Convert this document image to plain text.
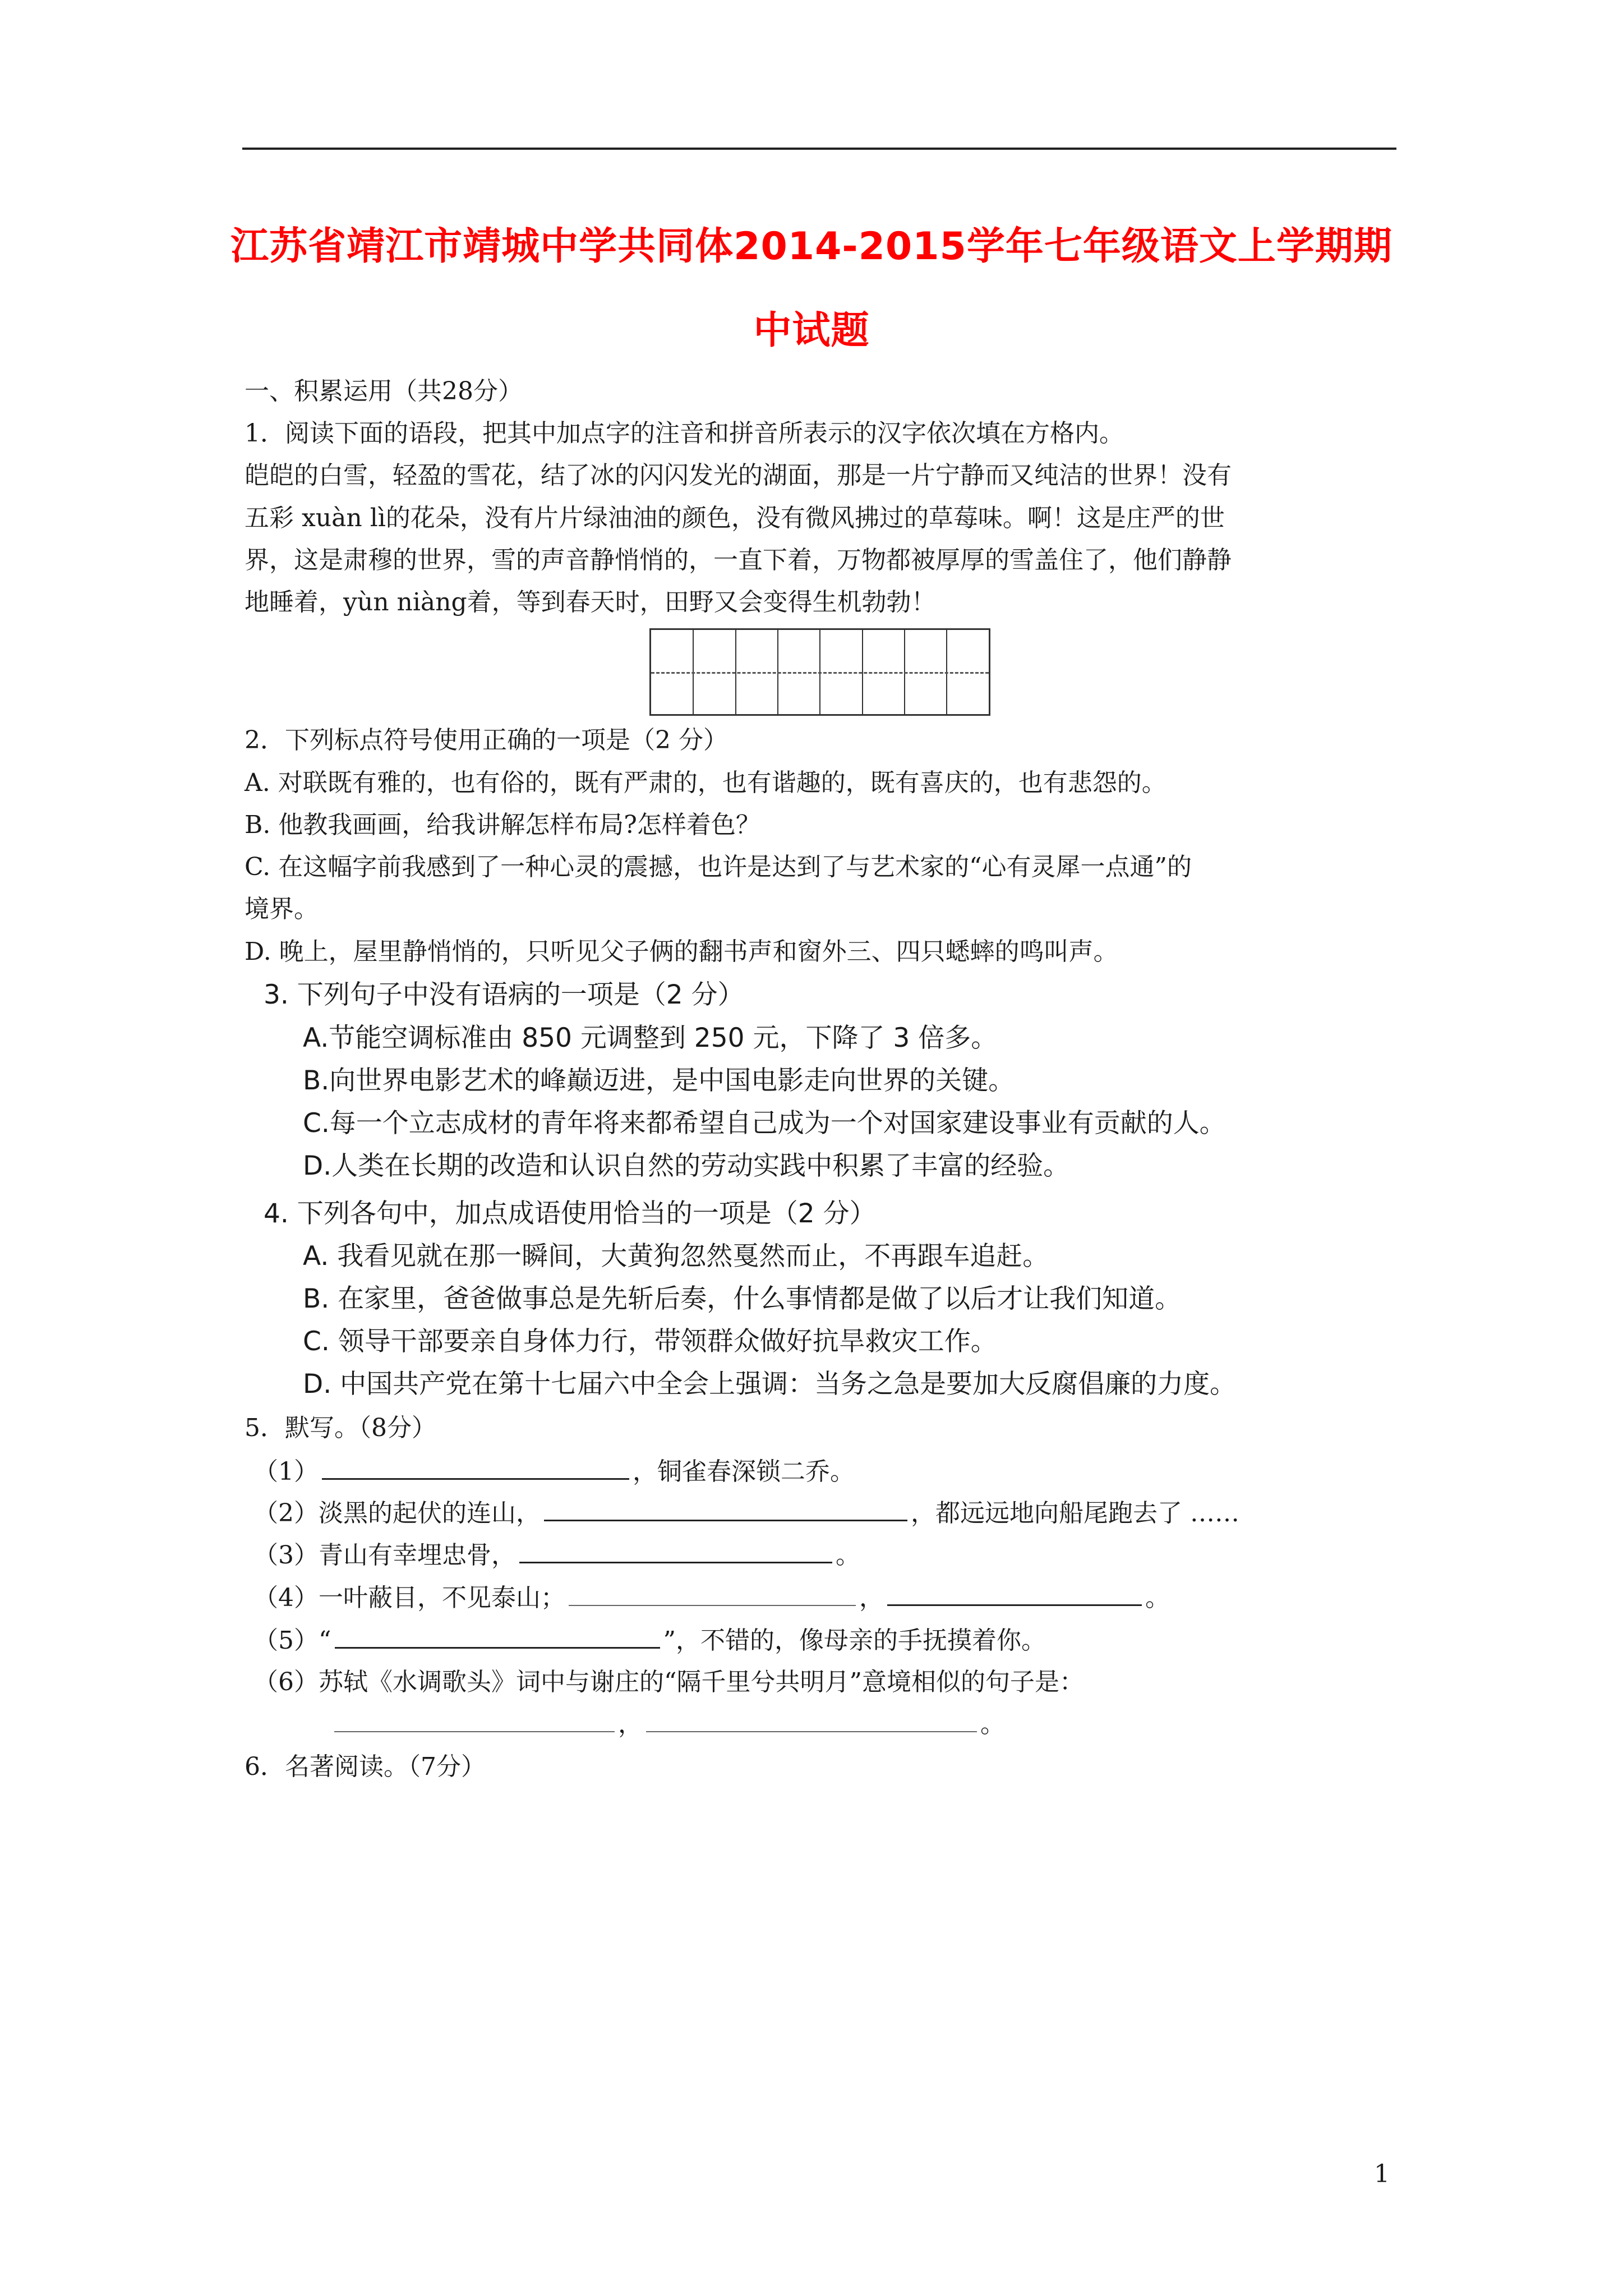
江苏省靖江市靖城中学共同体2014-2015学年七年级语文上学期期
中试题
一、积累运用（共28分）
1．阅读下面的语段，把其中加点字的注音和拼音所表示的汉字依次填在方格内。
皑皑的白雪，轻盈的雪花，结了冰的闪闪发光的湖面，那是一片宁静而又纯洁的世界！没有
五彩 xuàn lì的花朵，没有片片绿油油的颜色，没有微风拂过的草莓味。啊！这是庄严的世
界，这是肃穆的世界，雪的声音静悄悄的，一直下着，万物都被厚厚的雪盖住了，他们静静
地睡着，yùn niàng着，等到春天时，田野又会变得生机勃勃！
2．下列标点符号使用正确的一项是（2 分）
A. 对联既有雅的，也有俗的，既有严肃的，也有谐趣的，既有喜庆的，也有悲怨的。
B. 他教我画画，给我讲解怎样布局?怎样着色？
C. 在这幅字前我感到了一种心灵的震撼，也许是达到了与艺术家的“心有灵犀一点通”的
境界。
D. 晚上，屋里静悄悄的，只听见父子俩的翻书声和窗外三、四只蟋蟀的鸣叫声。
3. 下列句子中没有语病的一项是（2 分）
A.节能空调标准由 850 元调整到 250 元，下降了 3 倍多。
B.向世界电影艺术的峰巅迈进，是中国电影走向世界的关键。
C.每一个立志成材的青年将来都希望自己成为一个对国家建设事业有贡献的人。
D.人类在长期的改造和认识自然的劳动实践中积累了丰富的经验。
4. 下列各句中，加点成语使用恰当的一项是（2 分）
A. 我看见就在那一瞬间，大黄狗忽然戛然而止，不再跟车追赶。
B. 在家里，爸爸做事总是先斩后奏，什么事情都是做了以后才让我们知道。
C. 领导干部要亲自身体力行，带领群众做好抗旱救灾工作。
D. 中国共产党在第十七届六中全会上强调：当务之急是要加大反腐倡廉的力度。
5．默写。（8分）
（1）	，铜雀春深锁二乔。
（2）淡黑的起伏的连山，	，都远远地向船尾跑去了 ……
（3）青山有幸埋忠骨，	。
（4）一叶蔽目，不见泰山；	，	。
（5）“	”，不错的，像母亲的手抚摸着你。
（6）苏轼《水调歌头》词中与谢庄的“隔千里兮共明月”意境相似的句子是：
，	。
6．名著阅读。（7分）
1
